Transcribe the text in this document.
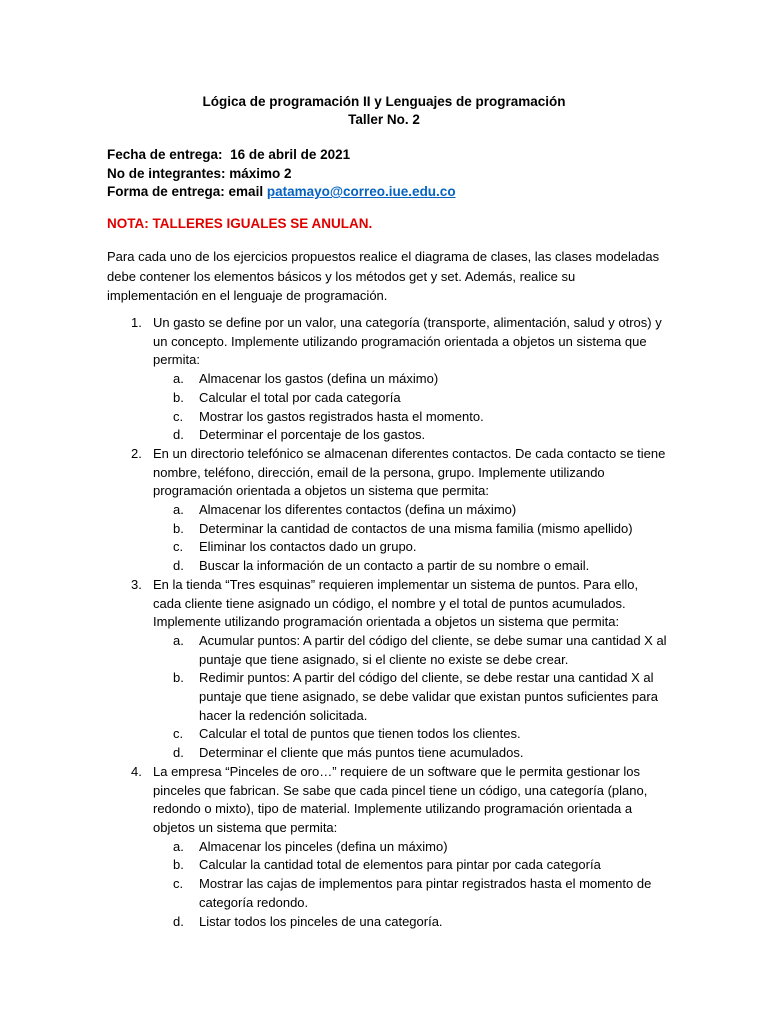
Lógica de programación II y Lenguajes de programación
Taller No. 2
Fecha de entrega: 16 de abril de 2021
No de integrantes: máximo 2
Forma de entrega: email patamayo@correo.iue.edu.co
NOTA: TALLERES IGUALES SE ANULAN.

Para cada uno de los ejercicios propuestos realice el diagrama de clases, las clases modeladas debe contener los elementos básicos y los métodos get y set. Además, realice su implementación en el lenguaje de programación.

1. Un gasto se define por un valor, una categoría (transporte, alimentación, salud y otros) y un concepto. Implemente utilizando programación orientada a objetos un sistema que permita:
a. Almacenar los gastos (defina un máximo)
b. Calcular el total por cada categoría
c. Mostrar los gastos registrados hasta el momento.
d. Determinar el porcentaje de los gastos.
2. En un directorio telefónico se almacenan diferentes contactos. De cada contacto se tiene nombre, teléfono, dirección, email de la persona, grupo. Implemente utilizando programación orientada a objetos un sistema que permita:
a. Almacenar los diferentes contactos (defina un máximo)
b. Determinar la cantidad de contactos de una misma familia (mismo apellido)
c. Eliminar los contactos dado un grupo.
d. Buscar la información de un contacto a partir de su nombre o email.
3. En la tienda “Tres esquinas” requieren implementar un sistema de puntos. Para ello, cada cliente tiene asignado un código, el nombre y el total de puntos acumulados. Implemente utilizando programación orientada a objetos un sistema que permita:
a. Acumular puntos: A partir del código del cliente, se debe sumar una cantidad X al puntaje que tiene asignado, si el cliente no existe se debe crear.
b. Redimir puntos: A partir del código del cliente, se debe restar una cantidad X al puntaje que tiene asignado, se debe validar que existan puntos suficientes para hacer la redención solicitada.
c. Calcular el total de puntos que tienen todos los clientes.
d. Determinar el cliente que más puntos tiene acumulados.
4. La empresa “Pinceles de oro…” requiere de un software que le permita gestionar los pinceles que fabrican. Se sabe que cada pincel tiene un código, una categoría (plano, redondo o mixto), tipo de material. Implemente utilizando programación orientada a objetos un sistema que permita:
a. Almacenar los pinceles (defina un máximo)
b. Calcular la cantidad total de elementos para pintar por cada categoría
c. Mostrar las cajas de implementos para pintar registrados hasta el momento de categoría redondo.
d. Listar todos los pinceles de una categoría.
